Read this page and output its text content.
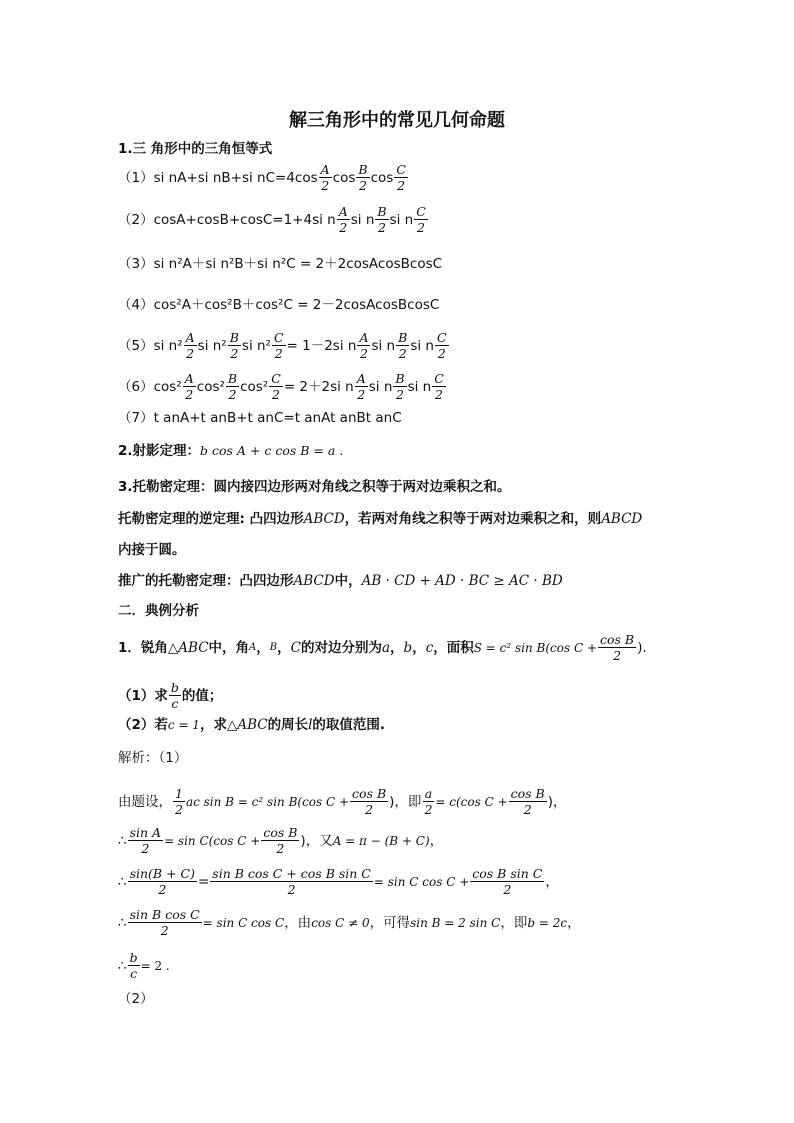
解三角形中的常见几何命题
1.三 角形中的三角恒等式
（1） si nA+si nB+si $nC=4\cos \frac{A}{2}$ $\cos \frac{B}{2}$ $\cos \frac{C}{2}$
（2） cosA+cosB+cosC=1+4si n $\frac{A}{2}$ si n $\frac{B}{2}$ si n $\frac{C}{2}$
（3） si n²A＋si n²B＋si n²C = 2＋2cosAcosBcosC
（4） cos²A＋cos²B＋cos²C = 2－2cosAcosBcosC
（5） si $n^2 \frac{A}{2}$ si $n^2 \frac{B}{2}$ si $n^2 \frac{C}{2} = 1-2si$ n $\frac{A}{2}$ si n $\frac{B}{2}$ si n $\frac{C}{2}$
（6） $\cos^2 \frac{A}{2} \cos^2 \frac{B}{2} \cos^2 \frac{C}{2} = 2+2si$ n $\frac{A}{2}$ si n $\frac{B}{2}$ si n $\frac{C}{2}$
（7） t anA+t anB+t anC=t anAt anBt anC
2.射影定理： b cos A + c cos B = a .
3.托勒密定理：圆内接四边形两对角线之积等于两对边乘积之和。
托勒密定理的逆定理: 凸四边形 ABCD ，若两对角线之积等于两对边乘积之和，则 ABCD
内接于圆。
推广的托勒密定理：凸四边形 ABCD 中， AB · CD + AD · BC ≥ AC · BD
二．典例分析
1．锐角△ ABC 中，角 A ， B ， C 的对边分别为 a ， b ， c ，面积 S = c² sin B(cos $C + \frac{\text{cos B}}{2}$ ).
（1）求 $\frac{b}{c}$ 的值；
（2）若 c = 1 ，求△ ABC 的周长 l 的取值范围.
解析：（1）
由题设， $\frac{1}{2}$ ac sin B = c² sin B(cos $C + \frac{\text{cos B}}{2}$ )，即 $\frac{a}{2} = c(\cos$ $C + \frac{\text{cos B}}{2}$ )，
∴ $\frac{\text{sin A}}{2} = \sin C(\cos$ $C + \frac{\text{cos B}}{2}$ )，又 A = π − (B + C) ，
∴ $\frac{\sin(B + C)}{2} = \frac{\text{sin B cos C + cos B sin C}}{2} = \sin C$ $\cos C + \frac{\text{cos B sin C}}{2}$ ，
∴ $\frac{\text{sin B cos C}}{2} = \sin C$ cos C ，由 cos C ≠ 0 ，可得 sin B = 2 sin C ，即 b = 2c ，
∴ $\frac{b}{c} = 2$ .
（2）
